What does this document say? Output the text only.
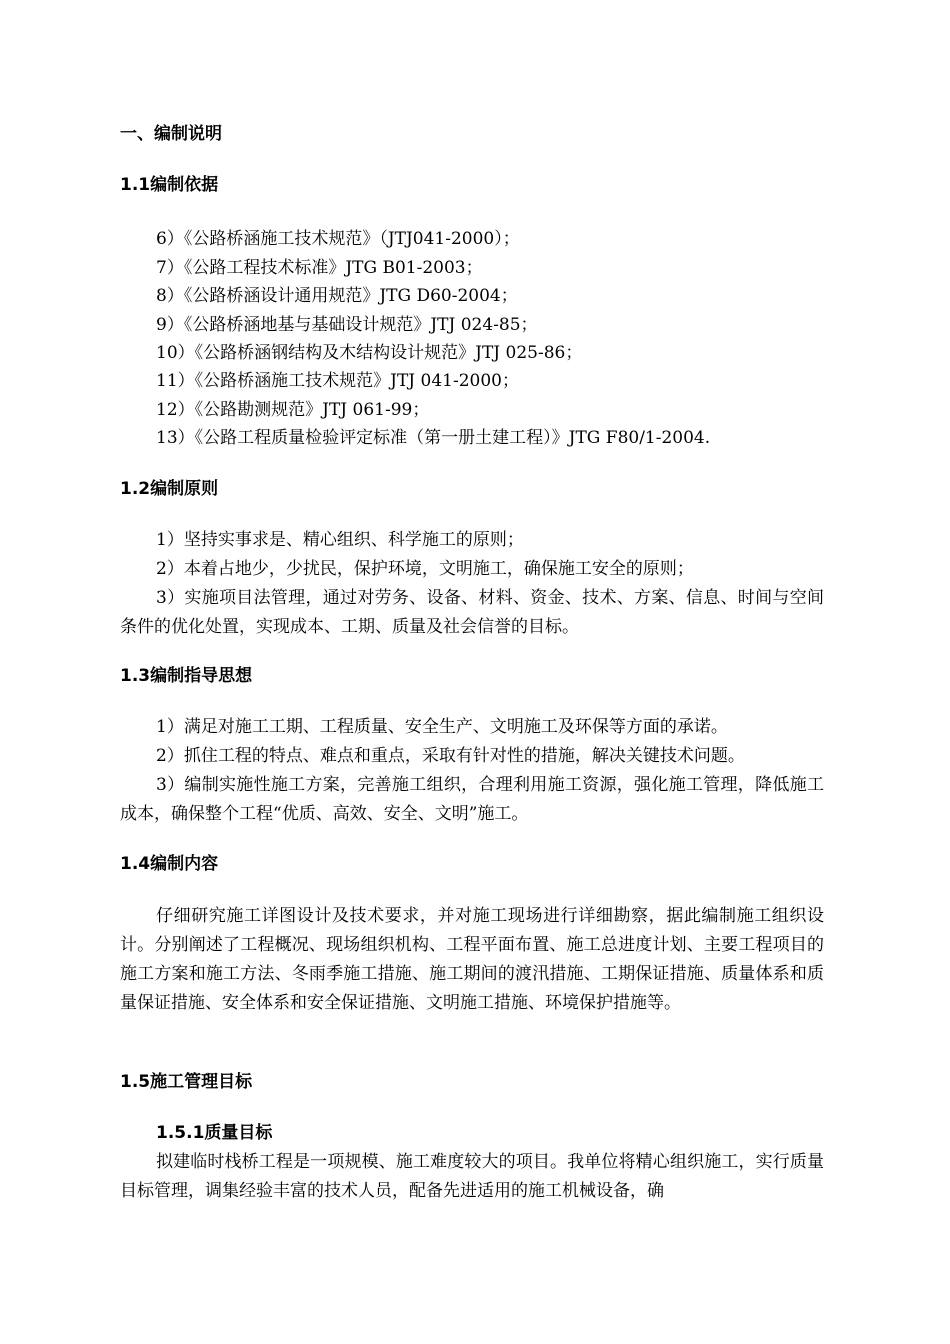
一、编制说明
1.1编制依据
6）《公路桥涵施工技术规范》（JTJ041-2000）；
7）《公路工程技术标准》JTG B01-2003；
8）《公路桥涵设计通用规范》JTG D60-2004；
9）《公路桥涵地基与基础设计规范》JTJ 024-85；
10）《公路桥涵钢结构及木结构设计规范》JTJ 025-86；
11）《公路桥涵施工技术规范》JTJ 041-2000；
12）《公路勘测规范》JTJ 061-99；
13）《公路工程质量检验评定标准（第一册土建工程）》JTG F80/1-2004.
1.2编制原则
1）坚持实事求是、精心组织、科学施工的原则；
2）本着占地少，少扰民，保护环境，文明施工，确保施工安全的原则；
3）实施项目法管理，通过对劳务、设备、材料、资金、技术、方案、信息、时间与空间条件的优化处置，实现成本、工期、质量及社会信誉的目标。
1.3编制指导思想
1）满足对施工工期、工程质量、安全生产、文明施工及环保等方面的承诺。
2）抓住工程的特点、难点和重点，采取有针对性的措施，解决关键技术问题。
3）编制实施性施工方案，完善施工组织，合理利用施工资源，强化施工管理，降低施工成本，确保整个工程“优质、高效、安全、文明”施工。
1.4编制内容
仔细研究施工详图设计及技术要求，并对施工现场进行详细勘察，据此编制施工组织设计。分别阐述了工程概况、现场组织机构、工程平面布置、施工总进度计划、主要工程项目的施工方案和施工方法、冬雨季施工措施、施工期间的渡汛措施、工期保证措施、质量体系和质量保证措施、安全体系和安全保证措施、文明施工措施、环境保护措施等。
1.5施工管理目标
1.5.1质量目标
拟建临时栈桥工程是一项规模、施工难度较大的项目。我单位将精心组织施工，实行质量目标管理，调集经验丰富的技术人员，配备先进适用的施工机械设备，确
